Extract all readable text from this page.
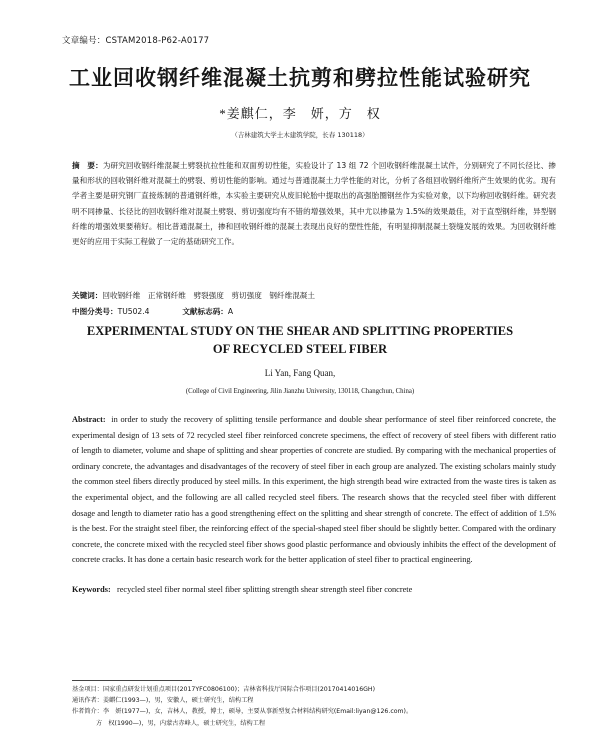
文章编号：CSTAM2018-P62-A0177
工业回收钢纤维混凝土抗剪和劈拉性能试验研究
*姜麒仁，李　妍，方　权
（吉林建筑大学土木建筑学院，长春 130118）
摘　要：为研究回收钢纤维混凝土劈裂抗拉性能和双面剪切性能，实验设计了 13 组 72 个回收钢纤维混凝土试件，分别研究了不同长径比、掺量和形状的回收钢纤维对混凝土的劈裂、剪切性能的影响。通过与普通混凝土力学性能的对比，分析了各组回收钢纤维所产生效果的优劣。现有学者主要是研究钢厂直接炼制的普通钢纤维，本实验主要研究从废旧轮胎中提取出的高强胎圈钢丝作为实验对象，以下均称回收钢纤维。研究表明不同掺量、长径比的回收钢纤维对混凝土劈裂、剪切强度均有不错的增强效果，其中尤以掺量为 1.5%的效果最佳，对于直型钢纤维，异型钢纤维的增强效果要稍好。相比普通混凝土，掺和回收钢纤维的混凝土表现出良好的塑性性能，有明显抑制混凝土裂缝发展的效果。为回收钢纤维更好的应用于实际工程做了一定的基础研究工作。
关键词：回收钢纤维　正常钢纤维　劈裂强度　剪切强度　钢纤维混凝土
中图分类号：TU502.4	文献标志码：A
EXPERIMENTAL STUDY ON THE SHEAR AND SPLITTING PROPERTIES
OF RECYCLED STEEL FIBER
Li Yan, Fang Quan,
(College of Civil Engineering, Jilin Jianzhu University, 130118, Changchun, China)
Abstract: in order to study the recovery of splitting tensile performance and double shear performance of steel fiber reinforced concrete, the experimental design of 13 sets of 72 recycled steel fiber reinforced concrete specimens, the effect of recovery of steel fibers with different ratio of length to diameter, volume and shape of splitting and shear properties of concrete are studied. By comparing with the mechanical properties of ordinary concrete, the advantages and disadvantages of the recovery of steel fiber in each group are analyzed. The existing scholars mainly study the common steel fibers directly produced by steel mills. In this experiment, the high strength bead wire extracted from the waste tires is taken as the experimental object, and the following are all called recycled steel fibers. The research shows that the recycled steel fiber with different dosage and length to diameter ratio has a good strengthening effect on the splitting and shear strength of concrete. The effect of addition of 1.5% is the best. For the straight steel fiber, the reinforcing effect of the special-shaped steel fiber should be slightly better. Compared with the ordinary concrete, the concrete mixed with the recycled steel fiber shows good plastic performance and obviously inhibits the effect of the development of concrete cracks. It has done a certain basic research work for the better application of steel fiber to practical engineering.
Keywords: recycled steel fiber normal steel fiber splitting strength shear strength steel fiber concrete
基金项目：国家重点研发计划重点项目(2017YFC0806100)；吉林省科技厅国际合作项目(20170414016GH)
通讯作者：姜麒仁(1993—)，男，安徽人，硕士研究生，结构工程
作者简介：李　妍(1977—)，女，吉林人，教授，博士，硕导，主要从事新型复合材料结构研究(Email:liyan@126.com)。
方　权(1990—)，男，内蒙古赤峰人，硕士研究生，结构工程
